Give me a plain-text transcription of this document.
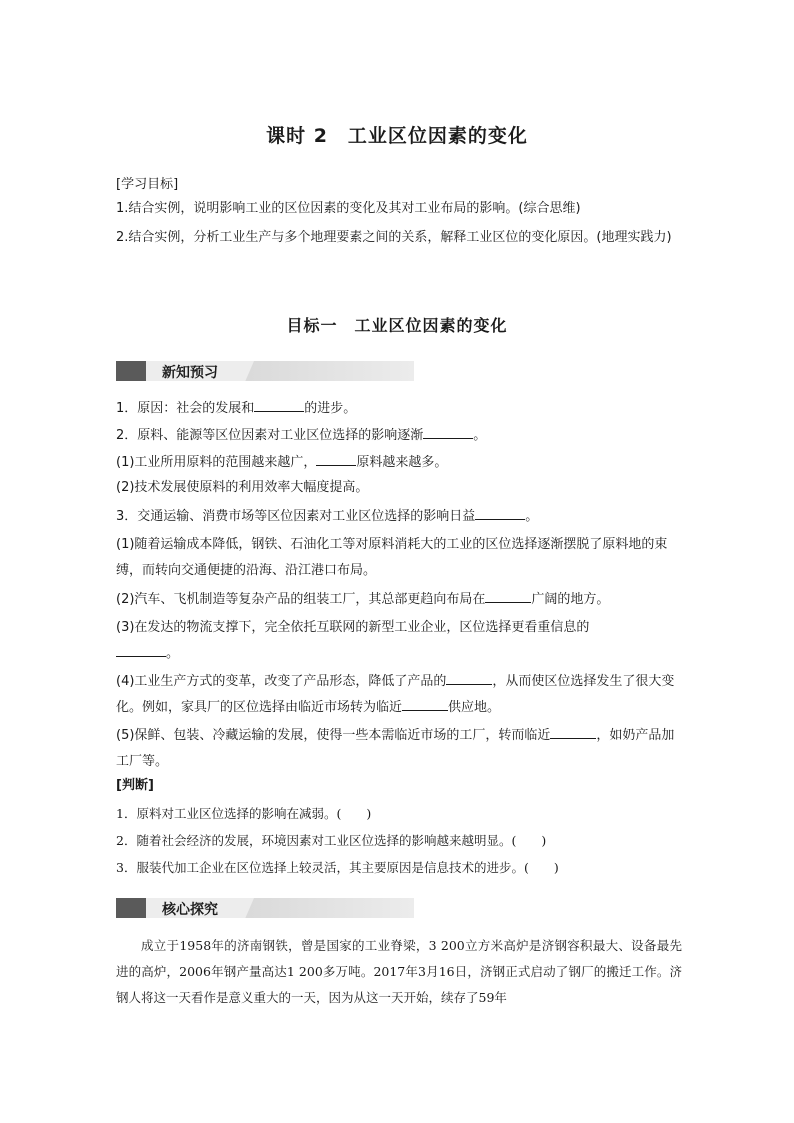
课时 2　工业区位因素的变化
[学习目标]
1.结合实例，说明影响工业的区位因素的变化及其对工业布局的影响。(综合思维)
2.结合实例，分析工业生产与多个地理要素之间的关系，解释工业区位的变化原因。(地理实践力)
目标一　工业区位因素的变化
新知预习
1．原因：社会的发展和	的进步。
2．原料、能源等区位因素对工业区位选择的影响逐渐	。
(1)工业所用原料的范围越来越广，	原料越来越多。
(2)技术发展使原料的利用效率大幅度提高。
3．交通运输、消费市场等区位因素对工业区位选择的影响日益	。
(1)随着运输成本降低，钢铁、石油化工等对原料消耗大的工业的区位选择逐渐摆脱了原料地的束缚，而转向交通便捷的沿海、沿江港口布局。
(2)汽车、飞机制造等复杂产品的组装工厂，其总部更趋向布局在	广阔的地方。
(3)在发达的物流支撑下，完全依托互联网的新型工业企业，区位选择更看重信息的
。
(4)工业生产方式的变革，改变了产品形态，降低了产品的	，从而使区位选择发生了很大变化。例如，家具厂的区位选择由临近市场转为临近	供应地。
(5)保鲜、包装、冷藏运输的发展，使得一些本需临近市场的工厂，转而临近	，如奶产品加工厂等。
[判断]
1．原料对工业区位选择的影响在减弱。(　　)
2．随着社会经济的发展，环境因素对工业区位选择的影响越来越明显。(　　)
3．服装代加工企业在区位选择上较灵活，其主要原因是信息技术的进步。(　　)
核心探究
成立于1958年的济南钢铁，曾是国家的工业脊梁，3 200立方米高炉是济钢容积最大、设备最先进的高炉，2006年钢产量高达1 200多万吨。2017年3月16日，济钢正式启动了钢厂的搬迁工作。济钢人将这一天看作是意义重大的一天，因为从这一天开始，续存了59年
